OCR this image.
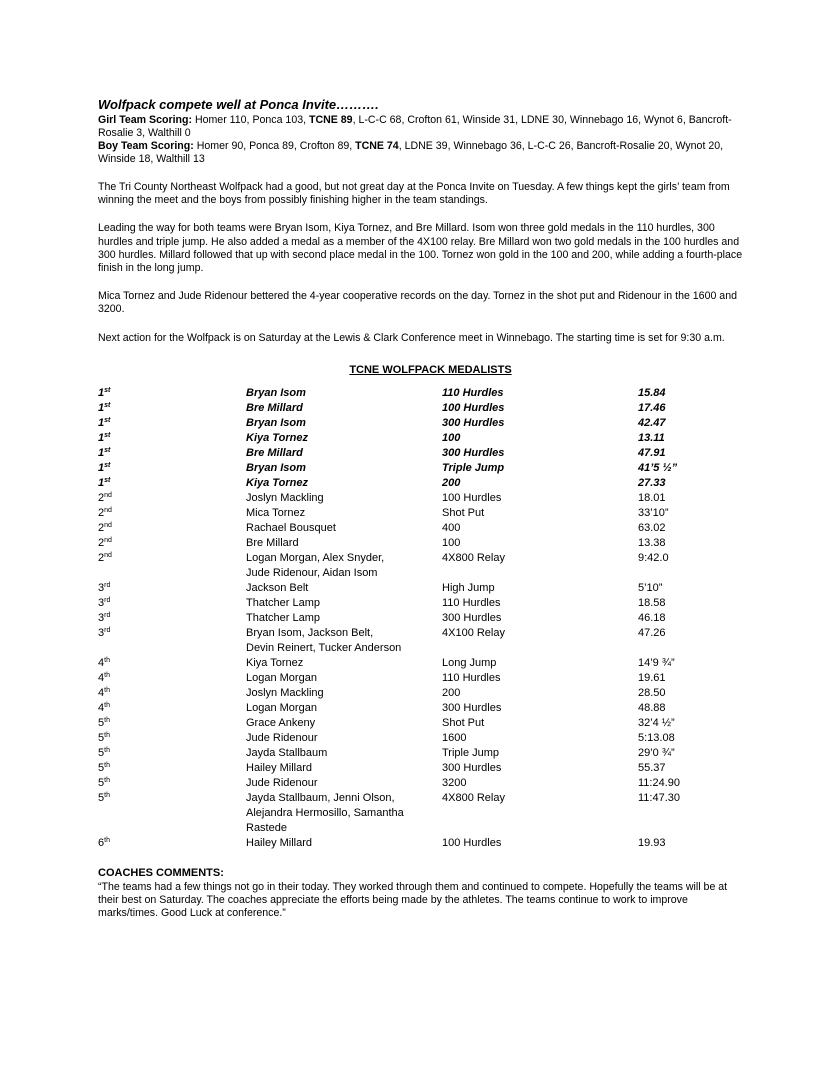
Wolfpack compete well at Ponca Invite……….

Girl Team Scoring: Homer 110, Ponca 103, TCNE 89, L-C-C 68, Crofton 61, Winside 31, LDNE 30, Winnebago 16, Wynot 6, Bancroft-Rosalie 3, Walthill 0

Boy Team Scoring: Homer 90, Ponca 89, Crofton 89, TCNE 74, LDNE 39, Winnebago 36, L-C-C 26, Bancroft-Rosalie 20, Wynot 20, Winside 18, Walthill 13

The Tri County Northeast Wolfpack had a good, but not great day at the Ponca Invite on Tuesday. A few things kept the girls’ team from winning the meet and the boys from possibly finishing higher in the team standings.

Leading the way for both teams were Bryan Isom, Kiya Tornez, and Bre Millard. Isom won three gold medals in the 110 hurdles, 300 hurdles and triple jump. He also added a medal as a member of the 4X100 relay. Bre Millard won two gold medals in the 100 hurdles and 300 hurdles. Millard followed that up with second place medal in the 100. Tornez won gold in the 100 and 200, while adding a fourth-place finish in the long jump.

Mica Tornez and Jude Ridenour bettered the 4-year cooperative records on the day. Tornez in the shot put and Ridenour in the 1600 and 3200.

Next action for the Wolfpack is on Saturday at the Lewis & Clark Conference meet in Winnebago. The starting time is set for 9:30 a.m.

TCNE WOLFPACK MEDALISTS

1st	Bryan Isom	110 Hurdles	15.84
1st	Bre Millard	100 Hurdles	17.46
1st	Bryan Isom	300 Hurdles	42.47
1st	Kiya Tornez	100	13.11
1st	Bre Millard	300 Hurdles	47.91
1st	Bryan Isom	Triple Jump	41’5 ½”
1st	Kiya Tornez	200	27.33
2nd	Joslyn Mackling	100 Hurdles	18.01
2nd	Mica Tornez	Shot Put	33’10”
2nd	Rachael Bousquet	400	63.02
2nd	Bre Millard	100	13.38
2nd	Logan Morgan, Alex Snyder,
Jude Ridenour, Aidan Isom	4X800 Relay	9:42.0
3rd	Jackson Belt	High Jump	5’10”
3rd	Thatcher Lamp	110 Hurdles	18.58
3rd	Thatcher Lamp	300 Hurdles	46.18
3rd	Bryan Isom, Jackson Belt,
Devin Reinert, Tucker Anderson	4X100 Relay	47.26
4th	Kiya Tornez	Long Jump	14’9 ¾”
4th	Logan Morgan	110 Hurdles	19.61
4th	Joslyn Mackling	200	28.50
4th	Logan Morgan	300 Hurdles	48.88
5th	Grace Ankeny	Shot Put	32’4 ½”
5th	Jude Ridenour	1600	5:13.08
5th	Jayda Stallbaum	Triple Jump	29’0 ¾”
5th	Hailey Millard	300 Hurdles	55.37
5th	Jude Ridenour	3200	11:24.90
5th	Jayda Stallbaum, Jenni Olson,
Alejandra Hermosillo, Samantha Rastede	4X800 Relay	11:47.30
6th	Hailey Millard	100 Hurdles	19.93
COACHES COMMENTS:

“The teams had a few things not go in their today. They worked through them and continued to compete. Hopefully the teams will be at their best on Saturday. The coaches appreciate the efforts being made by the athletes. The teams continue to work to improve marks/times. Good Luck at conference.”
